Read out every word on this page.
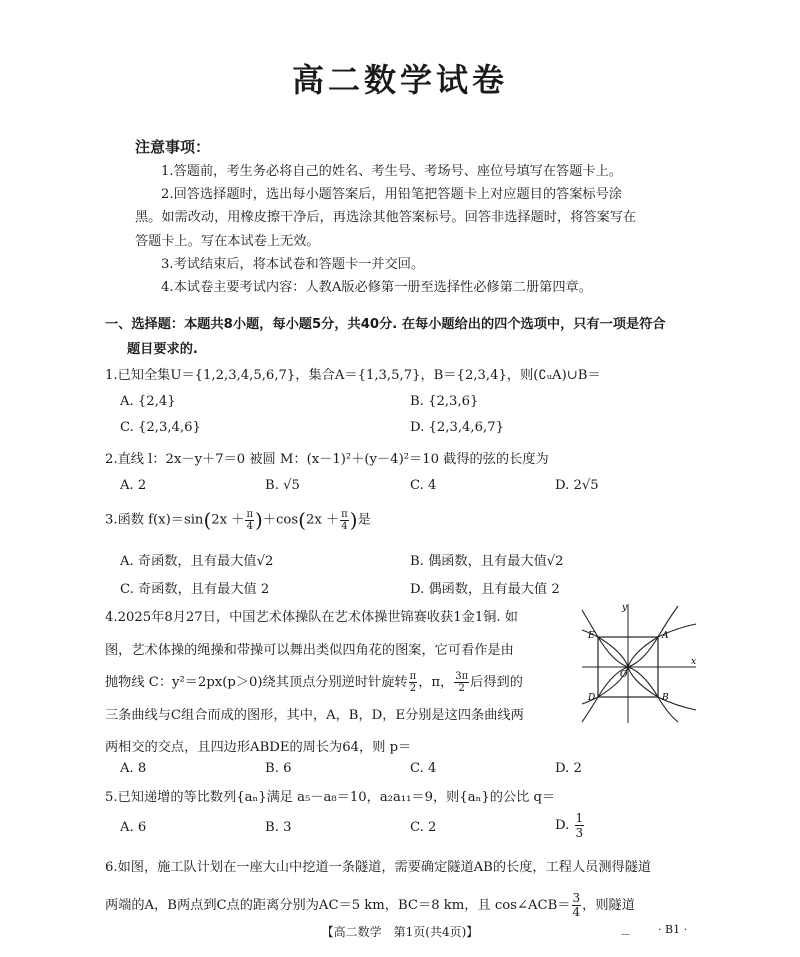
高二数学试卷
注意事项：

1.答题前，考生务必将自己的姓名、考生号、考场号、座位号填写在答题卡上。

2.回答选择题时，选出每小题答案后，用铅笔把答题卡上对应题目的答案标号涂

黑。如需改动，用橡皮擦干净后，再选涂其他答案标号。回答非选择题时，将答案写在

答题卡上。写在本试卷上无效。

3.考试结束后，将本试卷和答题卡一并交回。

4.本试卷主要考试内容：人教A版必修第一册至选择性必修第二册第四章。

一、选择题：本题共8小题，每小题5分，共40分. 在每小题给出的四个选项中，只有一项是符合
题目要求的.
1.已知全集U＝{1,2,3,4,5,6,7}，集合A＝{1,3,5,7}，B＝{2,3,4}，则(∁ᵤA)∪B＝
A. {2,4}	B. {2,3,6}
C. {2,3,4,6}	D. {2,3,4,6,7}
2.直线 l：2x－y＋7＝0 被圆 M：(x－1)²＋(y－4)²＝10 截得的弦的长度为
A. 2	B. √5	C. 4	D. 2√5
3.函数 $f(x)=\sin(2x + \frac{\pi}{4} )+\cos(2x + \frac{\pi}{4}$ )是
A. 奇函数，且有最大值√2	B. 偶函数，且有最大值√2
C. 奇函数，且有最大值 2	D. 偶函数，且有最大值 2

4.2025年8月27日，中国艺术体操队在艺术体操世锦赛收获1金1铜. 如

图，艺术体操的绳操和带操可以舞出类似四角花的图案，它可看作是由

抛物线 C：y²＝2px(p＞0)绕其顶点分别逆时针旋转 $\frac{\pi}{2}$ ，π， $\frac{3\pi}{2}$ 后得到的

三条曲线与C组合而成的图形，其中，A，B，D，E分别是这四条曲线两

两相交的交点，且四边形ABDE的周长为64，则 p＝

y
x
O
A
B
D
E
A. 8	B. 6	C. 4	D. 2
5.已知递增的等比数列{aₙ}满足 a₅－a₈＝10，a₂a₁₁＝9，则{aₙ}的公比 q＝
A. 6	B. 3	C. 2	D. $\frac{1}{3}$

6.如图，施工队计划在一座大山中挖道一条隧道，需要确定隧道AB的长度，工程人员测得隧道

两端的A，B两点到C点的距离分别为AC＝5 km，BC＝8 km，且 cos∠ACB＝ $\frac{3}{4}$ ，则隧道

【高二数学　第1页(共4页)】	－ · B1 ·
